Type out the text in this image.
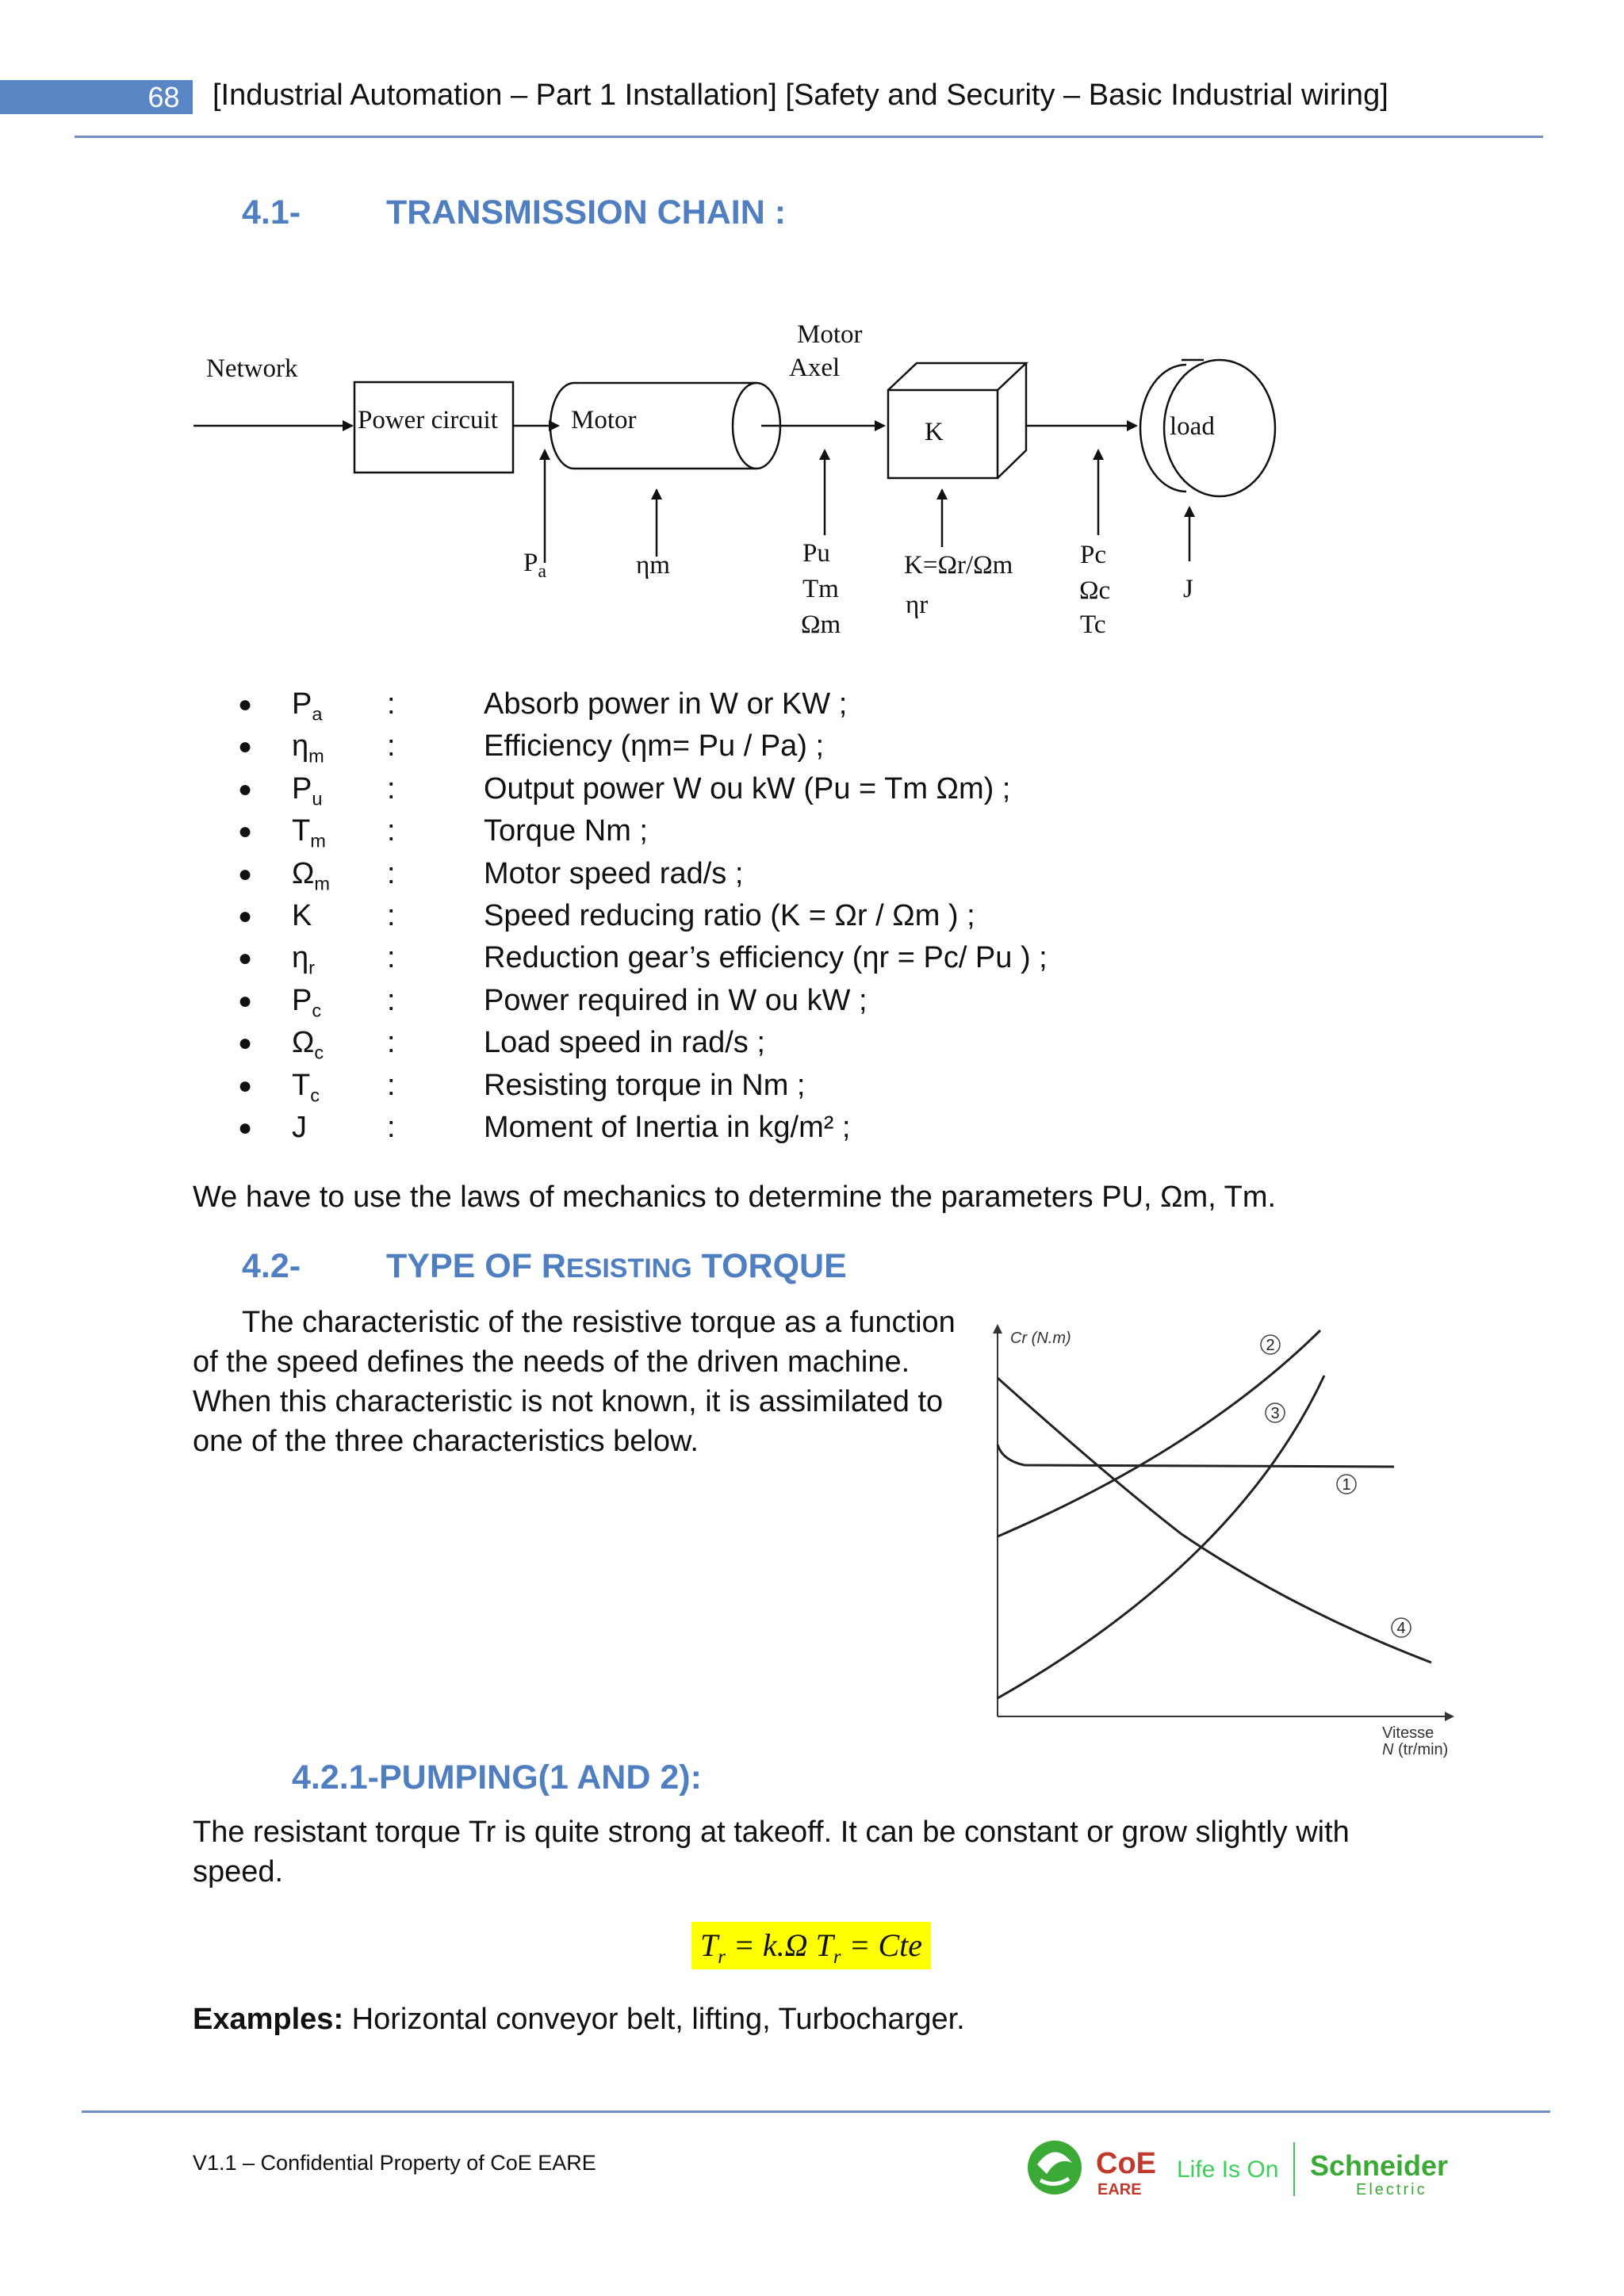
68	[Industrial Automation – Part 1 Installation] [Safety and Security – Basic Industrial wiring]
4.1-	TRANSMISSION CHAIN :
Network
Power circuit	Motor
Motor
Axel
K	load
$P_a$	ηm	Pu
Tm
Ωm
K=Ωr/Ωm
ηr
Pc
Ωc
Tc
J
● $P_a$ :	Absorb power in W or KW ;
● $\eta_m$ :	Efficiency (ηm= Pu / Pa) ;
● $P_u$ :	Output power W ou kW (Pu = Tm Ωm) ;
● $T_m$ :	Torque Nm ;
● $\Omega_m$ :	Motor speed rad/s ;
● K :	Speed reducing ratio (K = Ωr / Ωm ) ;
● $\eta_r$ :	Reduction gear’s efficiency (ηr = Pc/ Pu ) ;
● $P_c$ :	Power required in W ou kW ;
● $\Omega_c$ :	Load speed in rad/s ;
● $T_c$ :	Resisting torque in Nm ;
● J	:	Moment of Inertia in kg/m² ;
We have to use the laws of mechanics to determine the parameters PU, Ωm, Tm.
4.2-	TYPE OF RESISTING TORQUE
The characteristic of the resistive torque as a function of the speed defines the needs of the driven machine. When this characteristic is not known, it is assimilated to one of the three characteristics below.
Cr (N.m)
Vitesse
N (tr/min)
2
3
1
4
4.2.1-PUMPING(1 AND 2):
The resistant torque Tr is quite strong at takeoff. It can be constant or grow slightly with speed.
$T_r = k.\Omega$ $T_r$ = Cte
Examples: Horizontal conveyor belt, lifting, Turbocharger.
V1.1 – Confidential Property of CoE EARE	CoE
EARE
Life Is On Schneider
Electric
